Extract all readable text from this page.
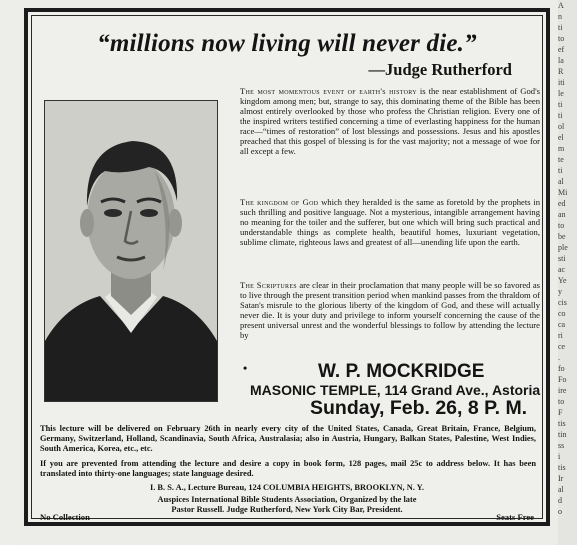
“millions now living will never die.”
—Judge Rutherford

The most momentous event of earth's history is the near establishment of God's kingdom among men; but, strange to say, this dominating theme of the Bible has been almost entirely overlooked by those who profess the Christian religion. Every one of the inspired writers testified concerning a time of everlasting happiness for the human race—“times of restoration” of lost blessings and possessions. Jesus and his apostles preached that this gospel of blessing is for the vast majority; not a message of woe for all except a few.

The kingdom of God which they heralded is the same as foretold by the prophets in such thrilling and positive language. Not a mysterious, intangible arrangement having no meaning for the toiler and the sufferer, but one which will bring such practical and understandable things as complete health, beautiful homes, luxuriant vegetation, sublime climate, righteous laws and greatest of all—unending life upon the earth.

The Scriptures are clear in their proclamation that many people will be so favored as to live through the present transition period when mankind passes from the thraldom of Satan's misrule to the glorious liberty of the kingdom of God, and these will actually never die. It is your duty and privilege to inform yourself concerning the cause of the present universal unrest and the wonderful blessings to follow by attending the lecture by

•	W. P. MOCKRIDGE
MASONIC TEMPLE, 114 Grand Ave., Astoria
Sunday, Feb. 26, 8 P. M.
This lecture will be delivered on February 26th in nearly every city of the United States, Canada, Great Britain, France, Belgium, Germany, Switzerland, Holland, Scandinavia, South Africa, Australasia; also in Austria, Hungary, Balkan States, Palestine, West Indies, South America, Korea, etc., etc.
If you are prevented from attending the lecture and desire a copy in book form, 128 pages, mail 25c to address below. It has been translated into thirty-one languages; state language desired.
I. B. S. A., Lecture Bureau, 124 COLUMBIA HEIGHTS, BROOKLYN, N. Y.
Auspices International Bible Students Association, Organized by the late
Pastor Russell. Judge Rutherford, New York City Bar, President.
No Collection	Seats Free
A
n
ti
to
ef
la
R
iti
le
ti
ti
ol
el
m
te
ti
al
Mi
ed
an
to
be
ple
sti
ac
Ye
y
cis
co
ca
ri
ce
.
fo
Fo
ire
to
F
tis
tin
ss
i
tis
Ir
al
d
o
